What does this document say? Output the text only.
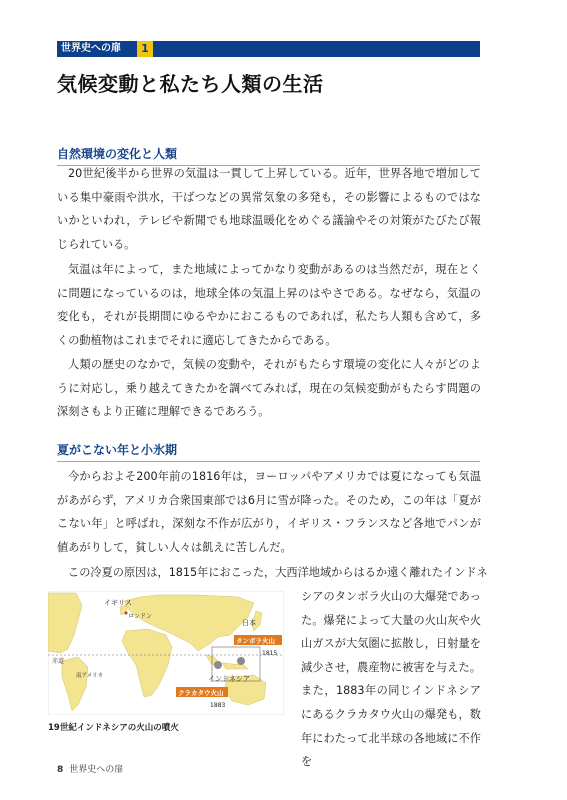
世界史への扉	1
気候変動と私たち人類の生活
自然環境の変化と人類

20世紀後半から世界の気温は一貫して上昇している。近年，世界各地で増加している集中豪雨や洪水，干ばつなどの異常気象の多発も，その影響によるものではないかといわれ，テレビや新聞でも地球温暖化をめぐる議論やその対策がたびたび報じられている。

気温は年によって，また地域によってかなり変動があるのは当然だが，現在とくに問題になっているのは，地球全体の気温上昇のはやさである。なぜなら，気温の変化も，それが長期間にゆるやかにおこるものであれば，私たち人類も含めて，多くの動植物はこれまでそれに適応してきたからである。

人類の歴史のなかで，気候の変動や，それがもたらす環境の変化に人々がどのように対応し，乗り越えてきたかを調べてみれば，現在の気候変動がもたらす問題の深刻さもより正確に理解できるであろう。

夏がこない年と小氷期

今からおよそ200年前の1816年は，ヨーロッパやアメリカでは夏になっても気温があがらず，アメリカ合衆国東部では6月に雪が降った。そのため，この年は「夏がこない年」と呼ばれ，深刻な不作が広がり，イギリス・フランスなど各地でパンが値あがりして，貧しい人々は飢えに苦しんだ。

この冷夏の原因は，1815年におこった，大西洋地域からはるか遠く離れたインドネ

シアのタンボラ火山の大爆発であった。爆発によって大量の火山灰や火山ガスが大気圏に拡散し，日射量を減少させ，農産物に被害を与えた。また，1883年の同じインドネシアにあるクラカタウ火山の爆発も，数年にわたって北半球の各地域に不作を

イギリス
ロンドン
日本
赤道
南アメリカ	インドネシア
タンボラ火山
1815
クラカタウ火山
1883
19世紀インドネシアの火山の噴火
8 世界史への扉
